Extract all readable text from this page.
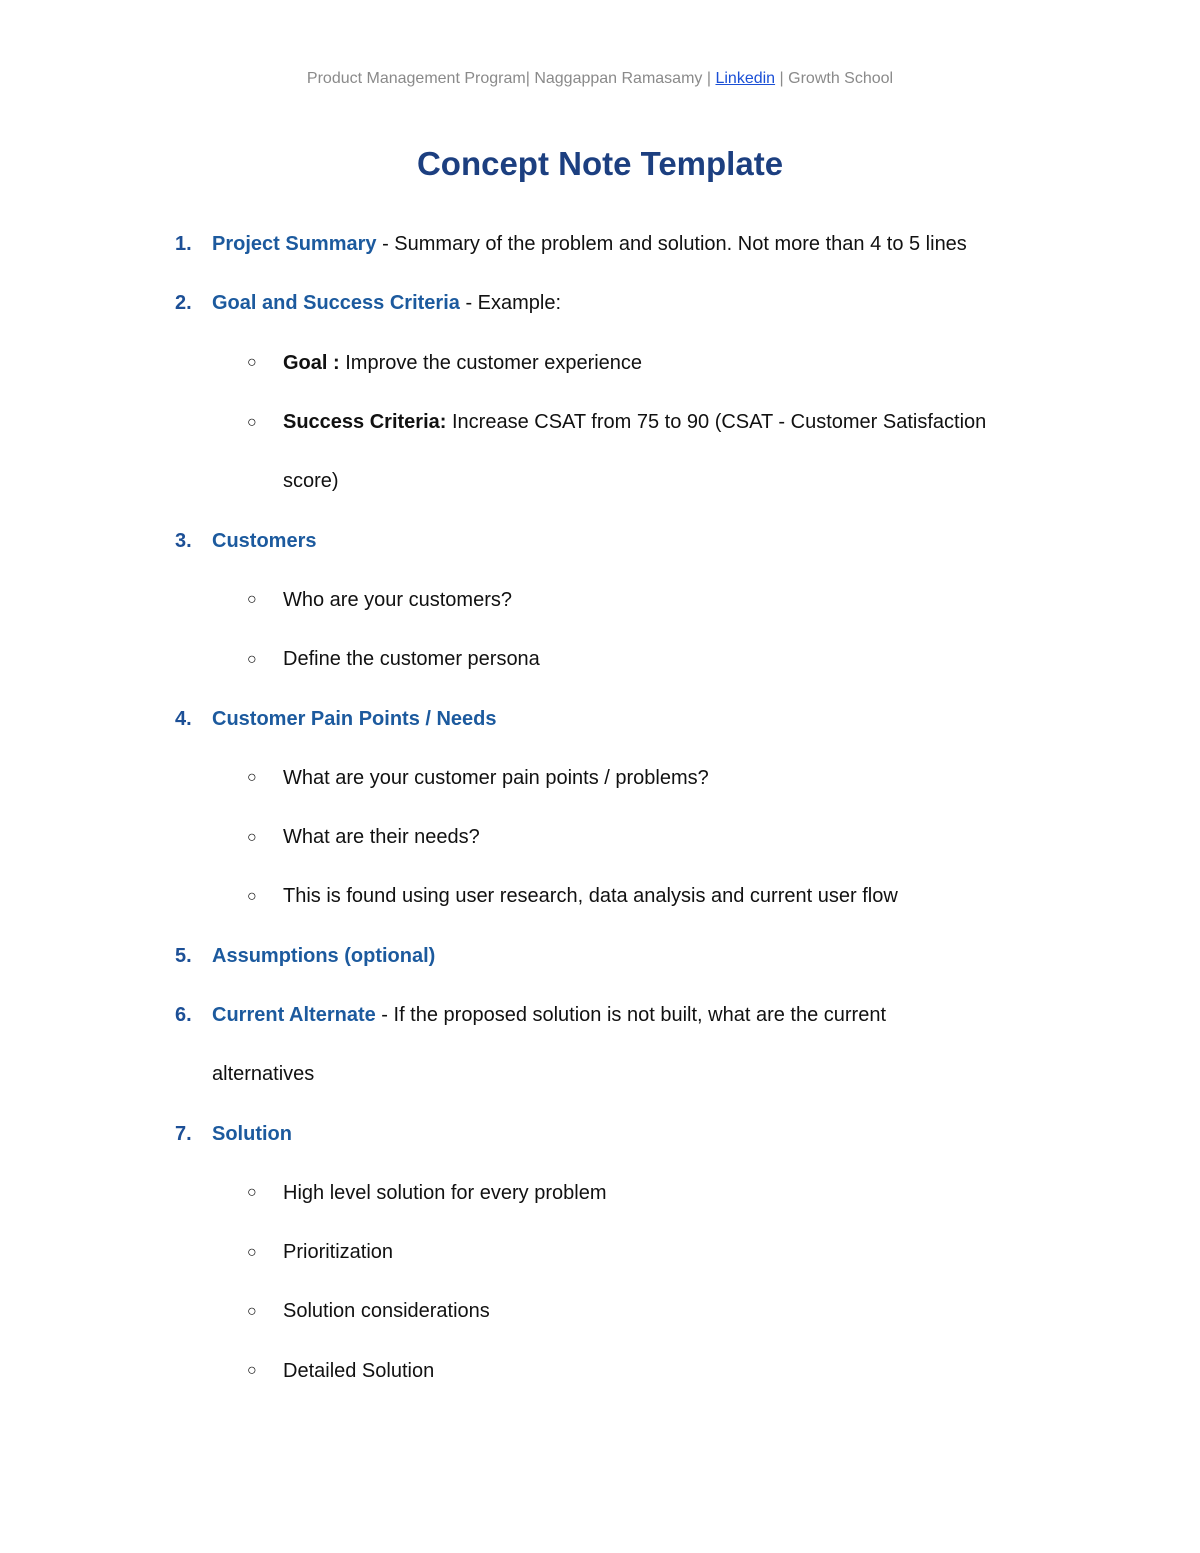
Product Management Program| Naggappan Ramasamy | Linkedin | Growth School
Concept Note Template
1.	Project Summary - Summary of the problem and solution. Not more than 4 to 5 lines
2.	Goal and Success Criteria - Example:
○ Goal : Improve the customer experience
○ Success Criteria: Increase CSAT from 75 to 90 (CSAT - Customer Satisfaction
score)
3.	Customers
○ Who are your customers?
○ Define the customer persona
4.	Customer Pain Points / Needs
○ What are your customer pain points / problems?
○ What are their needs?
○ This is found using user research, data analysis and current user flow
5.	Assumptions (optional)
6.	Current Alternate - If the proposed solution is not built, what are the current
alternatives
7.	Solution
○ High level solution for every problem
○ Prioritization
○ Solution considerations
○ Detailed Solution
